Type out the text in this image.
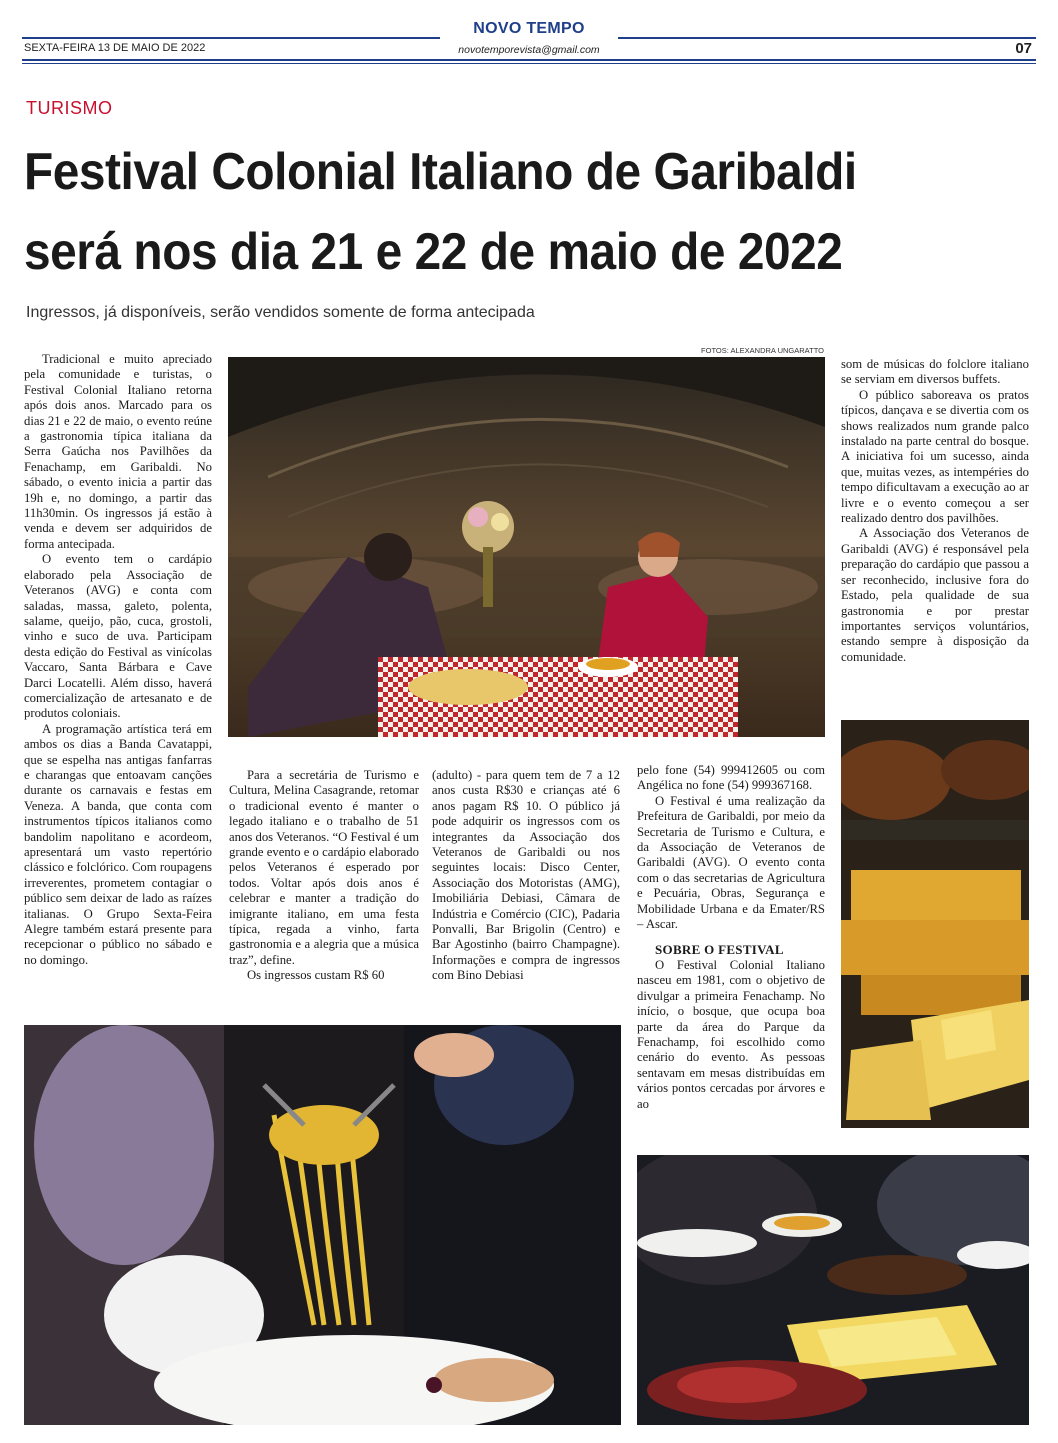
NOVO TEMPO
SEXTA-FEIRA 13 DE MAIO DE 2022	novotemporevista@gmail.com	07
TURISMO
Festival Colonial Italiano de Garibaldi
será nos dia 21 e 22 de maio de 2022
Ingressos, já disponíveis, serão vendidos somente de forma antecipada

Tradicional e muito apreciado pela comunidade e turistas, o Festival Colonial Italiano retorna após dois anos. Marcado para os dias 21 e 22 de maio, o evento reúne a gastronomia típica italiana da Serra Gaúcha nos Pavilhões da Fenachamp, em Garibaldi. No sábado, o evento inicia a partir das 19h e, no domingo, a partir das 11h30min. Os ingressos já estão à venda e devem ser adquiridos de forma antecipada.

O evento tem o cardápio elaborado pela Associação de Veteranos (AVG) e conta com saladas, massa, galeto, polenta, salame, queijo, pão, cuca, grostoli, vinho e suco de uva. Participam desta edição do Festival as vinícolas Vaccaro, Santa Bárbara e Cave Darci Locatelli. Além disso, haverá comercialização de artesanato e de produtos coloniais.

A programação artística terá em ambos os dias a Banda Cavatappi, que se espelha nas antigas fanfarras e charangas que entoavam canções durante os carnavais e festas em Veneza. A banda, que conta com instrumentos típicos italianos como bandolim napolitano e acordeom, apresentará um vasto repertório clássico e folclórico. Com roupagens irreverentes, prometem contagiar o público sem deixar de lado as raízes italianas. O Grupo Sexta-Feira Alegre também estará presente para recepcionar o público no sábado e no domingo.

FOTOS: ALEXANDRA UNGARATTO

Para a secretária de Turismo e Cultura, Melina Casagrande, retomar o tradicional evento é manter o legado italiano e o trabalho de 51 anos dos Veteranos. “O Festival é um grande evento e o cardápio elaborado pelos Veteranos é esperado por todos. Voltar após dois anos é celebrar e manter a tradição do imigrante italiano, em uma festa típica, regada a vinho, farta gastronomia e a alegria que a música traz”, define.

Os ingressos custam R$ 60

(adulto) - para quem tem de 7 a 12 anos custa R$30 e crianças até 6 anos pagam R$ 10. O público já pode adquirir os ingressos com os integrantes da Associação dos Veteranos de Garibaldi ou nos seguintes locais: Disco Center, Associação dos Motoristas (AMG), Imobiliária Debiasi, Câmara de Indústria e Comércio (CIC), Padaria Ponvalli, Bar Brigolin (Centro) e Bar Agostinho (bairro Champagne). Informações e compra de ingressos com Bino Debiasi

pelo fone (54) 999412605 ou com Angélica no fone (54) 999367168.

O Festival é uma realização da Prefeitura de Garibaldi, por meio da Secretaria de Turismo e Cultura, e da Associação de Veteranos de Garibaldi (AVG). O evento conta com o das secretarias de Agricultura e Pecuária, Obras, Segurança e Mobilidade Urbana e da Emater/RS – Ascar.

SOBRE O FESTIVAL

O Festival Colonial Italiano nasceu em 1981, com o objetivo de divulgar a primeira Fenachamp. No início, o bosque, que ocupa boa parte da área do Parque da Fenachamp, foi escolhido como cenário do evento. As pessoas sentavam em mesas distribuídas em vários pontos cercadas por árvores e ao

som de músicas do folclore italiano se serviam em diversos buffets.

O público saboreava os pratos típicos, dançava e se divertia com os shows realizados num grande palco instalado na parte central do bosque. A iniciativa foi um sucesso, ainda que, muitas vezes, as intempéries do tempo dificultavam a execução ao ar livre e o evento começou a ser realizado dentro dos pavilhões.

A Associação dos Veteranos de Garibaldi (AVG) é responsável pela preparação do cardápio que passou a ser reconhecido, inclusive fora do Estado, pela qualidade de sua gastronomia e por prestar importantes serviços voluntários, estando sempre à disposição da comunidade.
